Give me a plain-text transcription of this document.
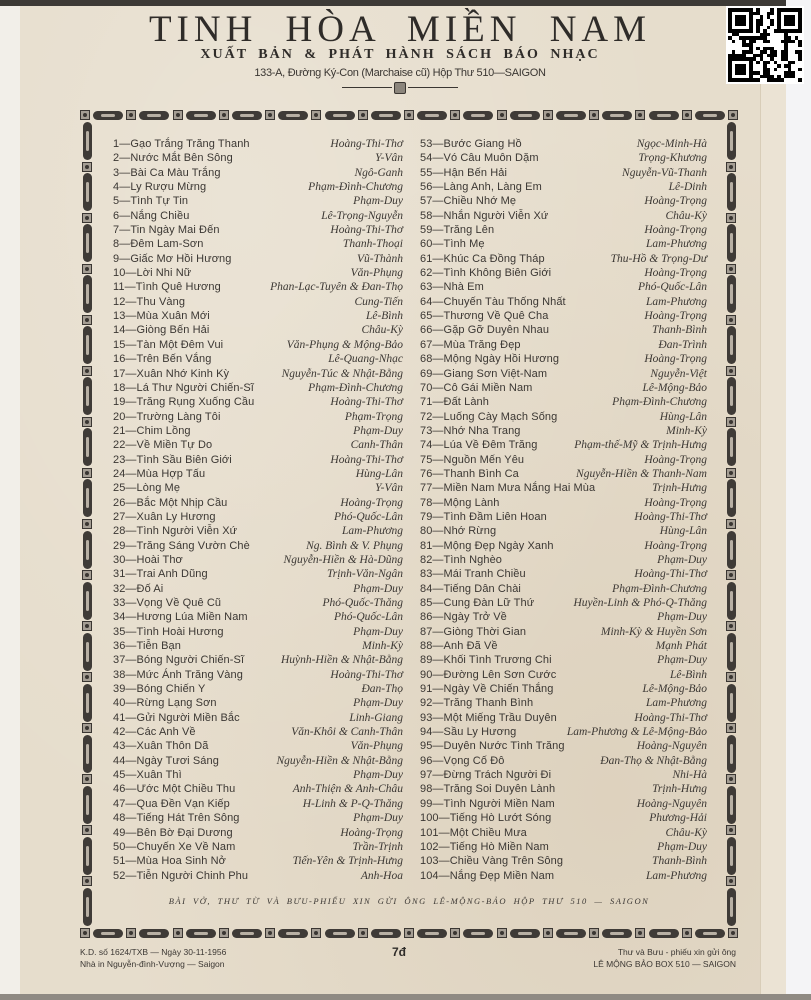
TINH HÒA MIỀN NAM
XUẤT BẢN & PHÁT HÀNH SÁCH BÁO NHẠC
133-A, Đường Ký-Con (Marchaise cũ) Hộp Thư 510—SAIGON
1—Gạo Trắng Trăng Thanh	Hoàng-Thi-Thơ
2—Nước Mắt Bên Sông	Y-Vân
3—Bài Ca Màu Trắng	Ngô-Ganh
4—Ly Rượu Mừng	Phạm-Đình-Chương
5—Tình Tự Tin	Phạm-Duy
6—Nắng Chiều	Lê-Trọng-Nguyễn
7—Tin Ngày Mai Đến	Hoàng-Thi-Thơ
8—Đêm Lam-Sơn	Thanh-Thoại
9—Giấc Mơ Hồi Hương	Vũ-Thành
10—Lời Nhi Nữ	Văn-Phụng
11—Tình Quê Hương	Phan-Lạc-Tuyên & Đan-Thọ
12—Thu Vàng	Cung-Tiến
13—Mùa Xuân Mới	Lê-Bình
14—Giòng Bến Hải	Châu-Kỳ
15—Tàn Một Đêm Vui	Văn-Phụng & Mộng-Bảo
16—Trên Bến Vắng	Lê-Quang-Nhạc
17—Xuân Nhớ Kinh Kỳ	Nguyễn-Túc & Nhật-Bằng
18—Lá Thư Người Chiến-Sĩ	Phạm-Đình-Chương
19—Trăng Rụng Xuống Cầu	Hoàng-Thi-Thơ
20—Trường Làng Tôi	Phạm-Trọng
21—Chim Lồng	Phạm-Duy
22—Về Miền Tự Do	Canh-Thân
23—Tình Sầu Biên Giới	Hoàng-Thi-Thơ
24—Mùa Hợp Tấu	Hùng-Lân
25—Lòng Mẹ	Y-Vân
26—Bắc Một Nhịp Cầu	Hoàng-Trọng
27—Xuân Ly Hương	Phó-Quốc-Lân
28—Tình Người Viễn Xứ	Lam-Phương
29—Trăng Sáng Vườn Chè	Ng. Bình & V. Phụng
30—Hoài Thơ	Nguyễn-Hiền & Hà-Dũng
31—Trai Anh Dũng	Trịnh-Văn-Ngân
32—Đố Ai	Phạm-Duy
33—Vọng Về Quê Cũ	Phó-Quốc-Thăng
34—Hương Lúa Miền Nam	Phó-Quốc-Lân
35—Tình Hoài Hương	Phạm-Duy
36—Tiễn Bạn	Minh-Kỳ
37—Bóng Người Chiến-Sĩ	Huỳnh-Hiền & Nhật-Bằng
38—Mức Ánh Trăng Vàng	Hoàng-Thi-Thơ
39—Bóng Chiến Y	Đan-Thọ
40—Rừng Lạng Sơn	Phạm-Duy
41—Gửi Người Miền Bắc	Linh-Giang
42—Các Anh Về	Văn-Khôi & Canh-Thân
43—Xuân Thôn Dã	Văn-Phụng
44—Ngày Tươi Sáng	Nguyễn-Hiền & Nhật-Bằng
45—Xuân Thì	Phạm-Duy
46—Ước Một Chiều Thu	Anh-Thiện & Anh-Châu
47—Qua Đền Vạn Kiếp	H-Linh & P-Q-Thăng
48—Tiếng Hát Trên Sông	Phạm-Duy
49—Bên Bờ Đại Dương	Hoàng-Trọng
50—Chuyến Xe Về Nam	Trần-Trịnh
51—Mùa Hoa Sinh Nở	Tiến-Yên & Trịnh-Hưng
52—Tiễn Người Chinh Phu	Anh-Hoa
53—Bước Giang Hồ	Ngọc-Minh-Hà
54—Vó Câu Muôn Dặm	Trọng-Khương
55—Hận Bến Hải	Nguyễn-Vũ-Thanh
56—Làng Anh, Làng Em	Lê-Dinh
57—Chiều Nhớ Mẹ	Hoàng-Trọng
58—Nhắn Người Viễn Xứ	Châu-Kỳ
59—Trăng Lên	Hoàng-Trọng
60—Tình Mẹ	Lam-Phương
61—Khúc Ca Đồng Tháp	Thu-Hồ & Trọng-Dư
62—Tình Không Biên Giới	Hoàng-Trọng
63—Nhà Em	Phó-Quốc-Lân
64—Chuyến Tàu Thống Nhất	Lam-Phương
65—Thương Về Quê Cha	Hoàng-Trọng
66—Gặp Gỡ Duyên Nhau	Thanh-Bình
67—Mùa Trăng Đẹp	Đan-Trình
68—Mộng Ngày Hồi Hương	Hoàng-Trọng
69—Giang Sơn Việt-Nam	Nguyễn-Việt
70—Cô Gái Miền Nam	Lê-Mộng-Bảo
71—Đất Lành	Phạm-Đình-Chương
72—Luống Cày Mạch Sống	Hùng-Lân
73—Nhớ Nha Trang	Minh-Kỳ
74—Lúa Về Đêm Trăng	Phạm-thế-Mỹ & Trịnh-Hưng
75—Nguồn Mến Yêu	Hoàng-Trọng
76—Thanh Bình Ca	Nguyễn-Hiền & Thanh-Nam
77—Miền Nam Mưa Nắng Hai Mùa	Trịnh-Hưng
78—Mộng Lành	Hoàng-Trọng
79—Tình Đầm Liên Hoan	Hoàng-Thi-Thơ
80—Nhớ Rừng	Hùng-Lân
81—Mộng Đẹp Ngày Xanh	Hoàng-Trọng
82—Tình Nghèo	Phạm-Duy
83—Mái Tranh Chiều	Hoàng-Thi-Thơ
84—Tiếng Dân Chài	Phạm-Đình-Chương
85—Cung Đàn Lữ Thứ	Huyền-Linh & Phó-Q-Thăng
86—Ngày Trở Về	Phạm-Duy
87—Giòng Thời Gian	Minh-Kỳ & Huyền Sơn
88—Anh Đã Về	Mạnh Phát
89—Khối Tình Trương Chi	Phạm-Duy
90—Đường Lên Sơn Cước	Lê-Bình
91—Ngày Về Chiến Thắng	Lê-Mộng-Bảo
92—Trăng Thanh Bình	Lam-Phương
93—Một Miếng Trầu Duyên	Hoàng-Thi-Thơ
94—Sầu Ly Hương	Lam-Phương & Lê-Mộng-Bảo
95—Duyên Nước Tình Trăng	Hoàng-Nguyên
96—Vọng Cố Đô	Đan-Thọ & Nhật-Bằng
97—Đừng Trách Người Đi	Nhi-Hà
98—Trăng Soi Duyên Lành	Trịnh-Hưng
99—Tình Người Miền Nam	Hoàng-Nguyên
100—Tiếng Hò Lướt Sóng	Phương-Hải
101—Một Chiều Mưa	Châu-Kỳ
102—Tiếng Hò Miền Nam	Phạm-Duy
103—Chiều Vàng Trên Sông	Thanh-Bình
104—Nắng Đẹp Miền Nam	Lam-Phương
BÀI VỞ, THƯ TỪ VÀ BƯU-PHIẾU XIN GỬI ÔNG LÊ-MỘNG-BẢO HỘP THƯ 510 — SAIGON
K.D. số 1624/TXB — Ngày 30-11-1956
Nhà in Nguyễn-đình-Vượng — Saigon
7đ	Thư và Bưu - phiếu xin gửi ông
LÊ MỘNG BẢO BOX 510 — SAIGON
